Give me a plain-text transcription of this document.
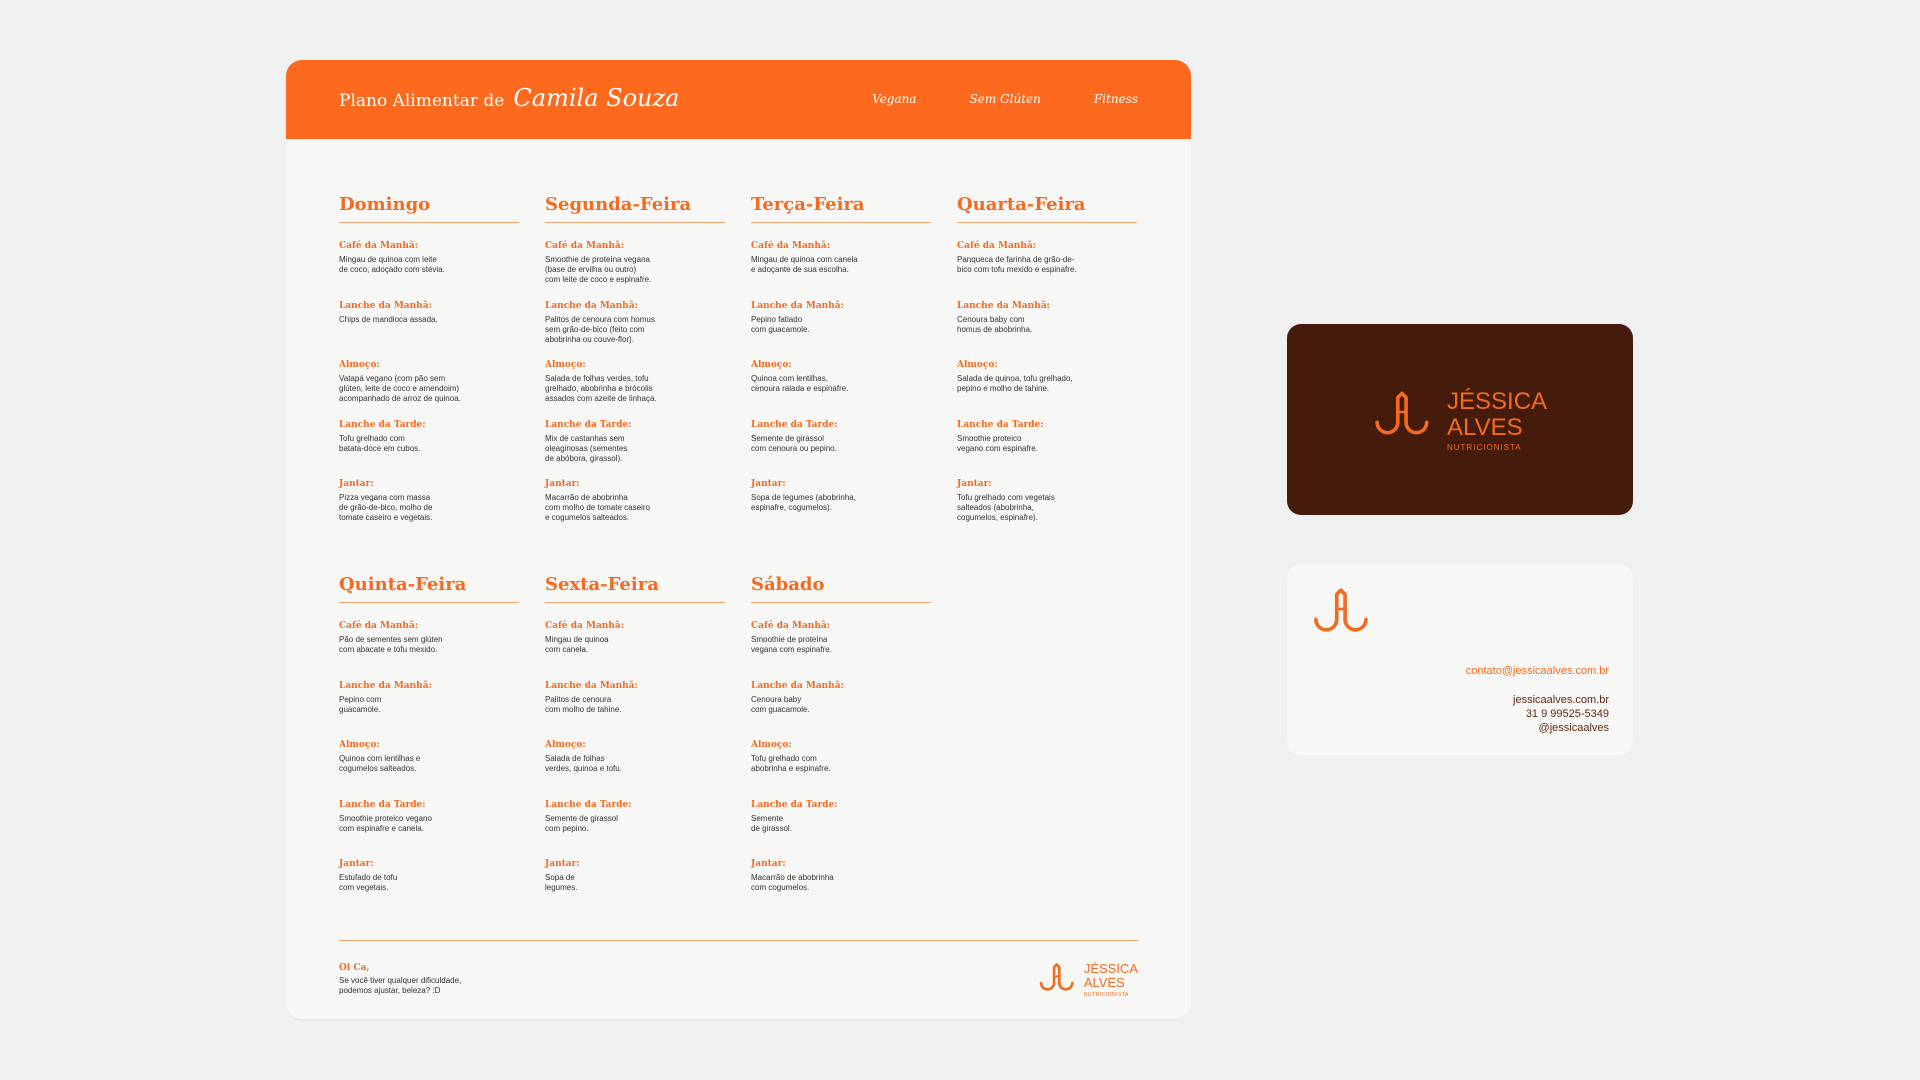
Plano Alimentar de Camila Souza	Vegana	Sem Glúten	Fitness
Domingo
Café da Manhã:
Mingau de quinoa com leite
de coco, adoçado com stévia.
Lanche da Manhã:
Chips de mandioca assada.
Almoço:
Vatapá vegano (com pão sem
glúten, leite de coco e amendoim)
acompanhado de arroz de quinoa.
Lanche da Tarde:
Tofu grelhado com
batata-doce em cubos.
Jantar:
Pizza vegana com massa
de grão-de-bico, molho de
tomate caseiro e vegetais.
Segunda-Feira
Café da Manhã:
Smoothie de proteína vegana
(base de ervilha ou outro)
com leite de coco e espinafre.
Lanche da Manhã:
Palitos de cenoura com homus
sem grão-de-bico (feito com
abobrinha ou couve-flor).
Almoço:
Salada de folhas verdes, tofu
grelhado, abobrinha e brócolis
assados com azeite de linhaça.
Lanche da Tarde:
Mix de castanhas sem
oleaginosas (sementes
de abóbora, girassol).
Jantar:
Macarrão de abobrinha
com molho de tomate caseiro
e cogumelos salteados.
Terça-Feira
Café da Manhã:
Mingau de quinoa com canela
e adoçante de sua escolha.
Lanche da Manhã:
Pepino fatiado
com guacamole.
Almoço:
Quinoa com lentilhas,
cenoura ralada e espinafre.
Lanche da Tarde:
Semente de girassol
com cenoura ou pepino.
Jantar:
Sopa de legumes (abobrinha,
espinafre, cogumelos).
Quarta-Feira
Café da Manhã:
Panqueca de farinha de grão-de-
bico com tofu mexido e espinafre.
Lanche da Manhã:
Cenoura baby com
homus de abobrinha.
Almoço:
Salada de quinoa, tofu grelhado,
pepino e molho de tahine.
Lanche da Tarde:
Smoothie proteico
vegano com espinafre.
Jantar:
Tofu grelhado com vegetais
salteados (abobrinha,
cogumelos, espinafre).
Quinta-Feira
Café da Manhã:
Pão de sementes sem glúten
com abacate e tofu mexido.
Lanche da Manhã:
Pepino com
guacamole.
Almoço:
Quinoa com lentilhas e
cogumelos salteados.
Lanche da Tarde:
Smoothie proteico vegano
com espinafre e canela.
Jantar:
Estufado de tofu
com vegetais.
Sexta-Feira
Café da Manhã:
Mingau de quinoa
com canela.
Lanche da Manhã:
Palitos de cenoura
com molho de tahine.
Almoço:
Salada de folhas
verdes, quinoa e tofu.
Lanche da Tarde:
Semente de girassol
com pepino.
Jantar:
Sopa de
legumes.
Sábado
Café da Manhã:
Smoothie de proteína
vegana com espinafre.
Lanche da Manhã:
Cenoura baby
com guacamole.
Almoço:
Tofu grelhado com
abobrinha e espinafre.
Lanche da Tarde:
Semente
de girassol.
Jantar:
Macarrão de abobrinha
com cogumelos.
Oi Ca,
Se você tiver qualquer dificuldade,
podemos ajustar, beleza? :D
JÉSSICA
ALVES
NUTRICIONISTA
JÉSSICA
ALVES
NUTRICIONISTA
contato@jessicaalves.com.br
jessicaalves.com.br
31 9 99525-5349
@jessicaalves
